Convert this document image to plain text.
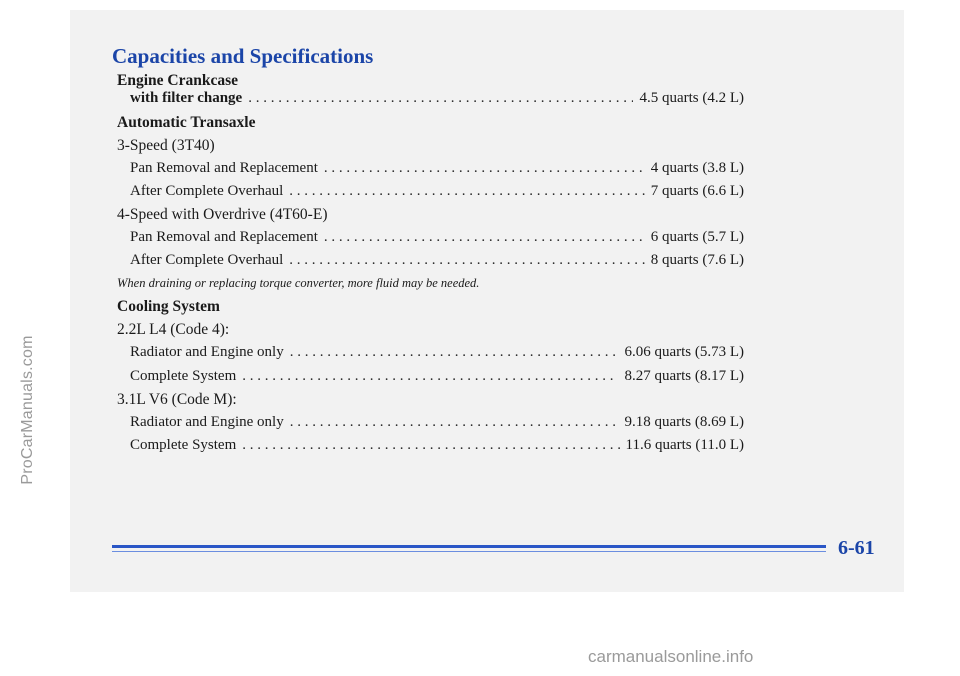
ProCarManuals.com
Capacities and Specifications
Engine Crankcase
with filter change . . .	4.5 quarts (4.2 L)
Automatic Transaxle
3-Speed (3T40)
Pan Removal and Replacement . . .	4 quarts (3.8 L)
After Complete Overhaul . . .	7 quarts (6.6 L)
4-Speed with Overdrive (4T60-E)
Pan Removal and Replacement . . .	6 quarts (5.7 L)
After Complete Overhaul . . .	8 quarts (7.6 L)
When draining or replacing torque converter, more fluid may be needed.
Cooling System
2.2L L4 (Code 4):
Radiator and Engine only . . .	6.06 quarts (5.73 L)
Complete System . . .	8.27 quarts (8.17 L)
3.1L V6 (Code M):
Radiator and Engine only . . .	9.18 quarts (8.69 L)
Complete System . . .	11.6 quarts (11.0 L)
6-61
carmanualsonline.info
